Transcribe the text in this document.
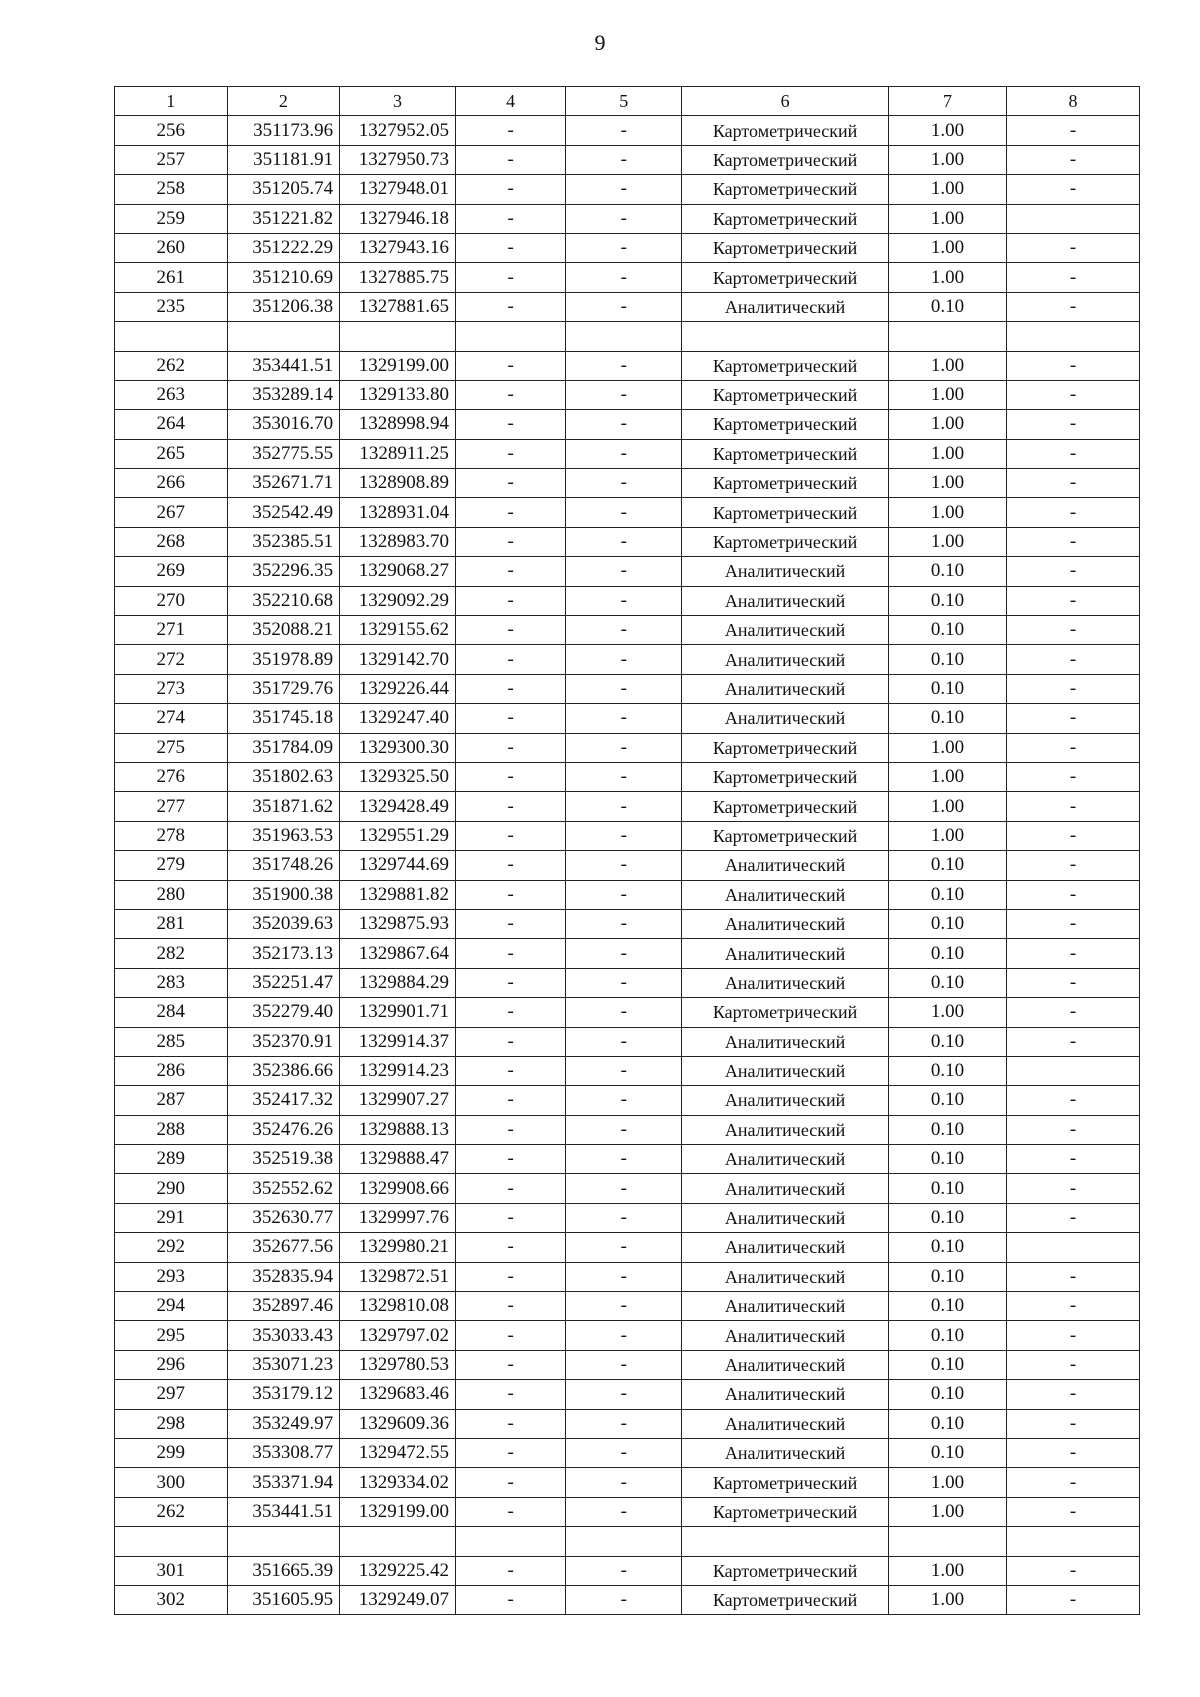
9
1	2	3	4	5	6	7	8
256	351173.96	1327952.05	-	-	Картометрический	1.00	-
257	351181.91	1327950.73	-	-	Картометрический	1.00	-
258	351205.74	1327948.01	-	-	Картометрический	1.00	-
259	351221.82	1327946.18	-	-	Картометрический	1.00	
260	351222.29	1327943.16	-	-	Картометрический	1.00	-
261	351210.69	1327885.75	-	-	Картометрический	1.00	-
235	351206.38	1327881.65	-	-	Аналитический	0.10	-

262	353441.51	1329199.00	-	-	Картометрический	1.00	-
263	353289.14	1329133.80	-	-	Картометрический	1.00	-
264	353016.70	1328998.94	-	-	Картометрический	1.00	-
265	352775.55	1328911.25	-	-	Картометрический	1.00	-
266	352671.71	1328908.89	-	-	Картометрический	1.00	-
267	352542.49	1328931.04	-	-	Картометрический	1.00	-
268	352385.51	1328983.70	-	-	Картометрический	1.00	-
269	352296.35	1329068.27	-	-	Аналитический	0.10	-
270	352210.68	1329092.29	-	-	Аналитический	0.10	-
271	352088.21	1329155.62	-	-	Аналитический	0.10	-
272	351978.89	1329142.70	-	-	Аналитический	0.10	-
273	351729.76	1329226.44	-	-	Аналитический	0.10	-
274	351745.18	1329247.40	-	-	Аналитический	0.10	-
275	351784.09	1329300.30	-	-	Картометрический	1.00	-
276	351802.63	1329325.50	-	-	Картометрический	1.00	-
277	351871.62	1329428.49	-	-	Картометрический	1.00	-
278	351963.53	1329551.29	-	-	Картометрический	1.00	-
279	351748.26	1329744.69	-	-	Аналитический	0.10	-
280	351900.38	1329881.82	-	-	Аналитический	0.10	-
281	352039.63	1329875.93	-	-	Аналитический	0.10	-
282	352173.13	1329867.64	-	-	Аналитический	0.10	-
283	352251.47	1329884.29	-	-	Аналитический	0.10	-
284	352279.40	1329901.71	-	-	Картометрический	1.00	-
285	352370.91	1329914.37	-	-	Аналитический	0.10	-
286	352386.66	1329914.23	-	-	Аналитический	0.10	
287	352417.32	1329907.27	-	-	Аналитический	0.10	-
288	352476.26	1329888.13	-	-	Аналитический	0.10	-
289	352519.38	1329888.47	-	-	Аналитический	0.10	-
290	352552.62	1329908.66	-	-	Аналитический	0.10	-
291	352630.77	1329997.76	-	-	Аналитический	0.10	-
292	352677.56	1329980.21	-	-	Аналитический	0.10	
293	352835.94	1329872.51	-	-	Аналитический	0.10	-
294	352897.46	1329810.08	-	-	Аналитический	0.10	-
295	353033.43	1329797.02	-	-	Аналитический	0.10	-
296	353071.23	1329780.53	-	-	Аналитический	0.10	-
297	353179.12	1329683.46	-	-	Аналитический	0.10	-
298	353249.97	1329609.36	-	-	Аналитический	0.10	-
299	353308.77	1329472.55	-	-	Аналитический	0.10	-
300	353371.94	1329334.02	-	-	Картометрический	1.00	-
262	353441.51	1329199.00	-	-	Картометрический	1.00	-

301	351665.39	1329225.42	-	-	Картометрический	1.00	-
302	351605.95	1329249.07	-	-	Картометрический	1.00	-
